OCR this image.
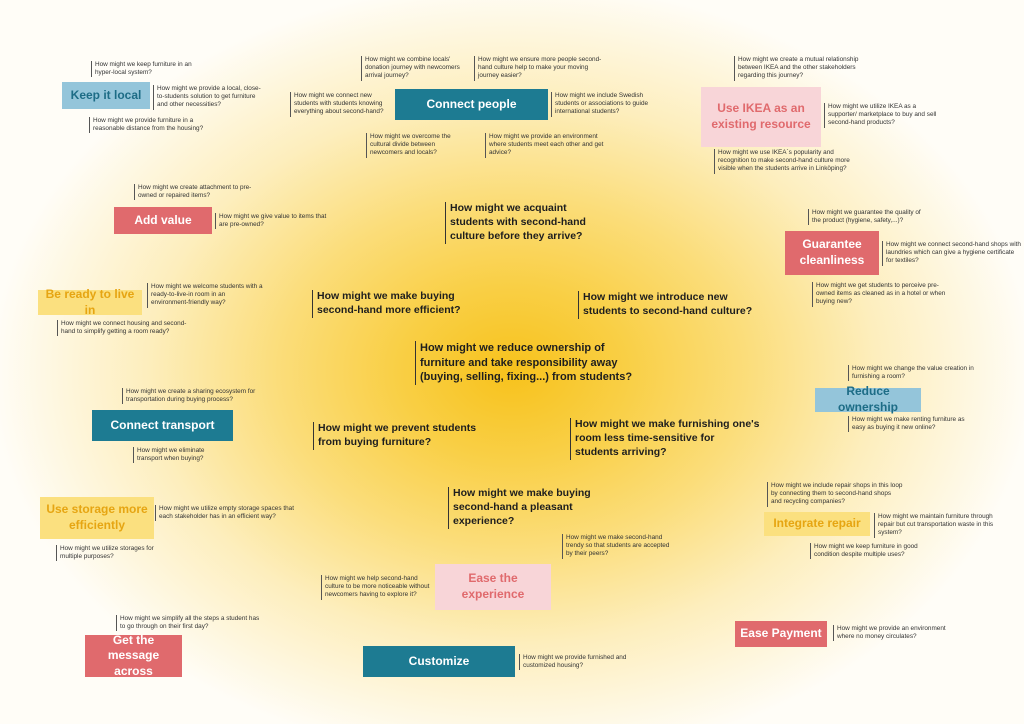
Keep it local
Connect people	Use IKEA as an existing resource
Add value
Guarantee cleanliness
Be ready to live in
Reduce ownership
Connect transport
Use storage more efficiently	Integrate repair
Ease the experience
Ease Payment
Get the message across
Customize
How might we acquaint students with second-hand culture before they arrive?
How might we make buying second-hand more efficient?
How might we introduce new students to second-hand culture?
How might we reduce ownership of furniture and take responsibility away (buying, selling, fixing...) from students?
How might we prevent students from buying furniture?
How might we make furnishing one's room less time-sensitive for students arriving?
How might we make buying second-hand a pleasant experience?
How might we keep furniture in an hyper-local system?
How might we provide a local, close-to-students solution to get furniture and other necessities?
How might we provide furniture in a reasonable distance from the housing?
How might we combine locals' donation journey with newcomers arrival journey?
How might we ensure more people second-hand culture help to make your moving journey easier?
How might we connect new students with students knowing everything about second-hand?
How might we include Swedish students or associations to guide international students?
How might we overcome the cultural divide between newcomers and locals?
How might we provide an environment where students meet each other and get advice?
How might we create a mutual relationship between IKEA and the other stakeholders regarding this journey?
How might we utilize IKEA as a supporter/ marketplace to buy and sell second-hand products?
How might we use IKEA`s popularity and recognition to make second-hand culture more visible when the students arrive in Linköping?
How might we create attachment to pre-owned or repaired items?
How might we give value to items that are pre-owned?
How might we guarantee the quality of the product (hygiene, safety,...)?
How might we connect second-hand shops with laundries which can give a hygiene certificate for textiles?
How might we get students to perceive pre-owned items as cleaned as in a hotel or when buying new?
How might we welcome students with a ready-to-live-in room in an environment-friendly way?
How might we connect housing and second-hand to simplify getting a room ready?
How might we change the value creation in furnishing a room?
How might we make renting furniture as easy as buying it new online?
How might we create a sharing ecosystem for transportation during buying process?
How might we eliminate transport when buying?
How might we utilize empty storage spaces that each stakeholder has in an efficient way?
How might we utilize storages for multiple purposes?
How might we include repair shops in this loop by connecting them to second-hand shops and recycling companies?
How might we maintain furniture through repair but cut transportation waste in this system?
How might we keep furniture in good condition despite multiple uses?
How might we make second-hand trendy so that students are accepted by their peers?
How might we help second-hand culture to be more noticeable without newcomers having to explore it?
How might we provide an environment where no money circulates?
How might we simplify all the steps a student has to go through on their first day?
How might we provide furnished and customized housing?
